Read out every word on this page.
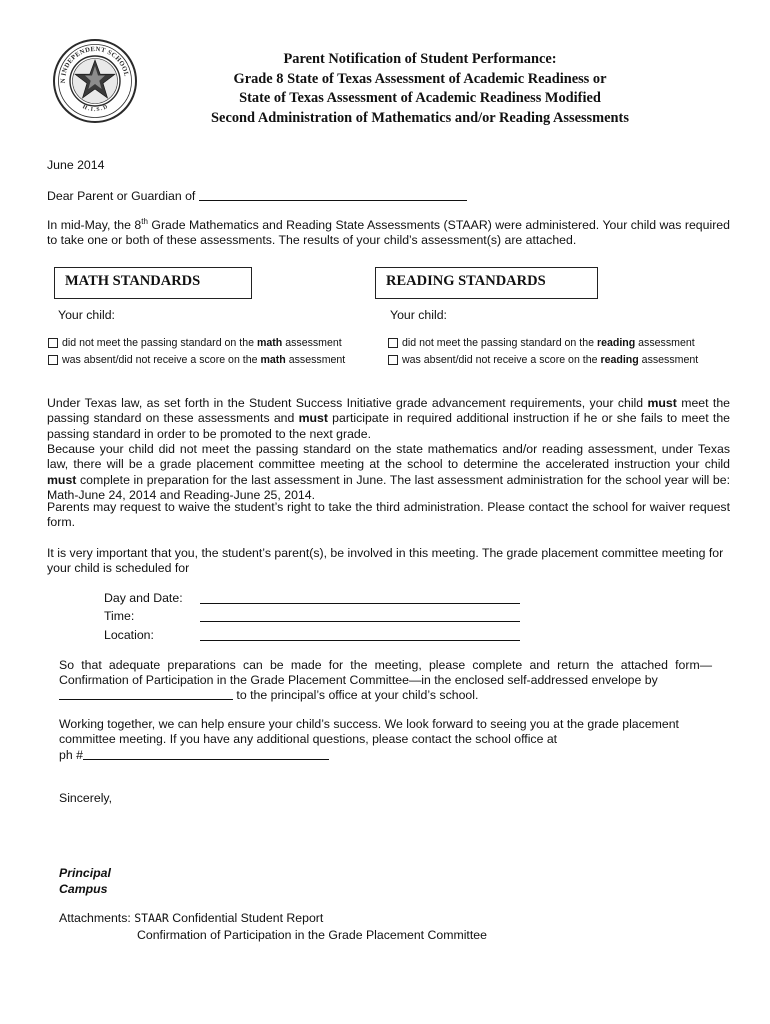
N INDEPENDENT SCHOOL
H . I . S . D
Parent Notification of Student Performance:
Grade 8 State of Texas Assessment of Academic Readiness or
State of Texas Assessment of Academic Readiness Modified
Second Administration of Mathematics and/or Reading Assessments
June 2014
Dear Parent or Guardian of
In mid-May, the 8th Grade Mathematics and Reading State Assessments (STAAR) were administered. Your child was required to take one or both of these assessments. The results of your child’s assessment(s) are attached.
MATH STANDARDS
Your child:
did not meet the passing standard on the math assessment
was absent/did not receive a score on the math assessment
READING STANDARDS
Your child:
did not meet the passing standard on the reading assessment
was absent/did not receive a score on the reading assessment
Under Texas law, as set forth in the Student Success Initiative grade advancement requirements, your child must meet the passing standard on these assessments and must participate in required additional instruction if he or she fails to meet the passing standard in order to be promoted to the next grade.
Because your child did not meet the passing standard on the state mathematics and/or reading assessment, under Texas law, there will be a grade placement committee meeting at the school to determine the accelerated instruction your child must complete in preparation for the last assessment in June. The last assessment administration for the school year will be: Math-June 24, 2014 and Reading-June 25, 2014.
Parents may request to waive the student’s right to take the third administration. Please contact the school for waiver request form.
It is very important that you, the student’s parent(s), be involved in this meeting. The grade placement committee meeting for your child is scheduled for
Day and Date:
Time:
Location:
So that adequate preparations can be made for the meeting, please complete and return the attached form—Confirmation of Participation in the Grade Placement Committee—in the enclosed self-addressed envelope by
to the principal’s office at your child’s school.
Working together, we can help ensure your child’s success. We look forward to seeing you at the grade placement committee meeting. If you have any additional questions, please contact the school office at
ph #
Sincerely,
Principal
Campus
Attachments: STAAR Confidential Student Report
Confirmation of Participation in the Grade Placement Committee
